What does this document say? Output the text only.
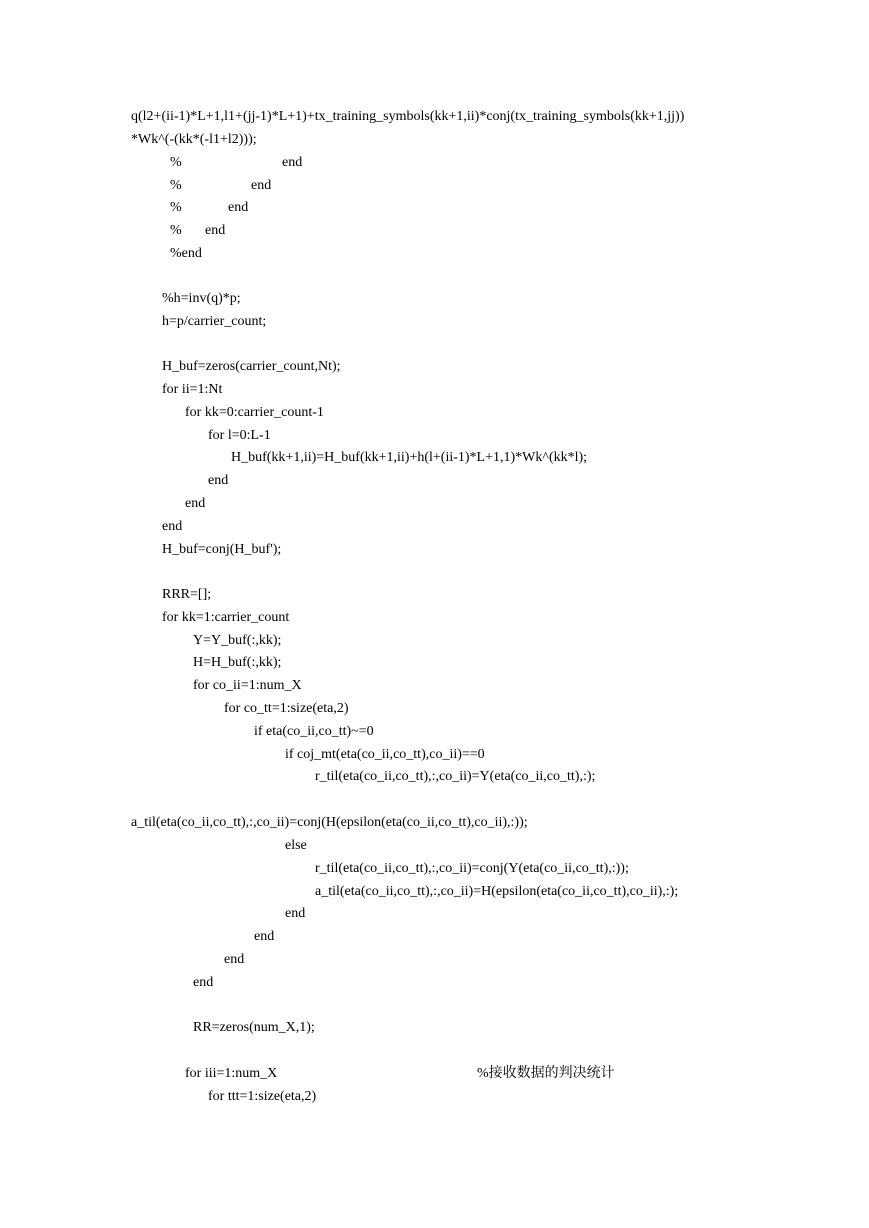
q(l2+(ii-1)*L+1,l1+(jj-1)*L+1)+tx_training_symbols(kk+1,ii)*conj(tx_training_symbols(kk+1,jj))
*Wk^(-(kk*(-l1+l2)));
%	end
%	end
%	end
% end
%end
%h=inv(q)*p;
h=p/carrier_count;
H_buf=zeros(carrier_count,Nt);
for ii=1:Nt
for kk=0:carrier_count-1
for l=0:L-1
H_buf(kk+1,ii)=H_buf(kk+1,ii)+h(l+(ii-1)*L+1,1)*Wk^(kk*l);
end
end
end
H_buf=conj(H_buf');
RRR=[];
for kk=1:carrier_count
Y=Y_buf(:,kk);
H=H_buf(:,kk);
for co_ii=1:num_X
for co_tt=1:size(eta,2)
if eta(co_ii,co_tt)~=0
if coj_mt(eta(co_ii,co_tt),co_ii)==0
r_til(eta(co_ii,co_tt),:,co_ii)=Y(eta(co_ii,co_tt),:);
a_til(eta(co_ii,co_tt),:,co_ii)=conj(H(epsilon(eta(co_ii,co_tt),co_ii),:));
else
r_til(eta(co_ii,co_tt),:,co_ii)=conj(Y(eta(co_ii,co_tt),:));
a_til(eta(co_ii,co_tt),:,co_ii)=H(epsilon(eta(co_ii,co_tt),co_ii),:);
end
end
end
end
RR=zeros(num_X,1);
for iii=1:num_X	%接收数据的判决统计
for ttt=1:size(eta,2)
